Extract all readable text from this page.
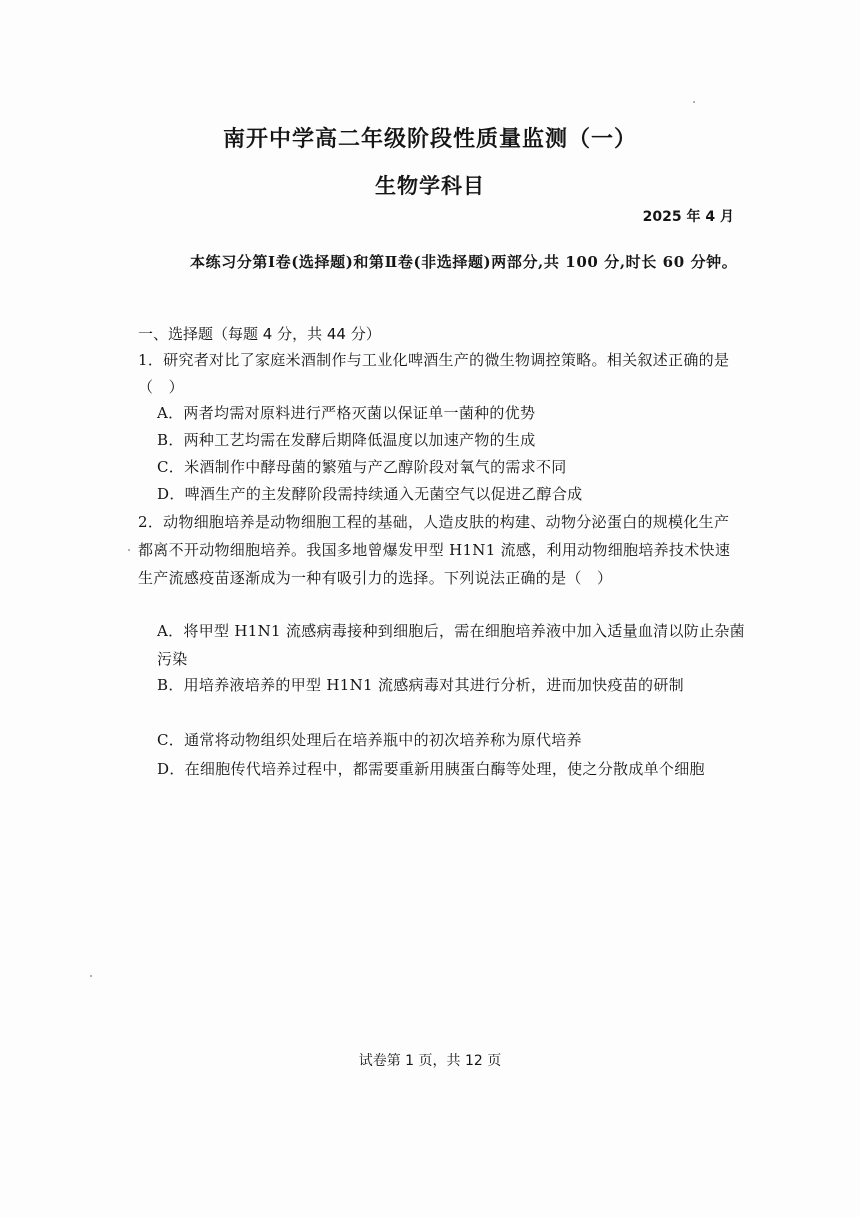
南开中学高二年级阶段性质量监测（一）
生物学科目
2025 年 4 月
本练习分第Ⅰ卷(选择题)和第Ⅱ卷(非选择题)两部分,共 100 分,时长 60 分钟。
一、选择题（每题 4 分，共 44 分）
1．研究者对比了家庭米酒制作与工业化啤酒生产的微生物调控策略。相关叙述正确的是（　）
A．两者均需对原料进行严格灭菌以保证单一菌种的优势
B．两种工艺均需在发酵后期降低温度以加速产物的生成
C．米酒制作中酵母菌的繁殖与产乙醇阶段对氧气的需求不同
D．啤酒生产的主发酵阶段需持续通入无菌空气以促进乙醇合成
2．动物细胞培养是动物细胞工程的基础，人造皮肤的构建、动物分泌蛋白的规模化生产都离不开动物细胞培养。我国多地曾爆发甲型 H1N1 流感，利用动物细胞培养技术快速生产流感疫苗逐渐成为一种有吸引力的选择。下列说法正确的是（　）
A．将甲型 H1N1 流感病毒接种到细胞后，需在细胞培养液中加入适量血清以防止杂菌污染
B．用培养液培养的甲型 H1N1 流感病毒对其进行分析，进而加快疫苗的研制
C．通常将动物组织处理后在培养瓶中的初次培养称为原代培养
D．在细胞传代培养过程中，都需要重新用胰蛋白酶等处理，使之分散成单个细胞
试卷第 1 页，共 12 页
